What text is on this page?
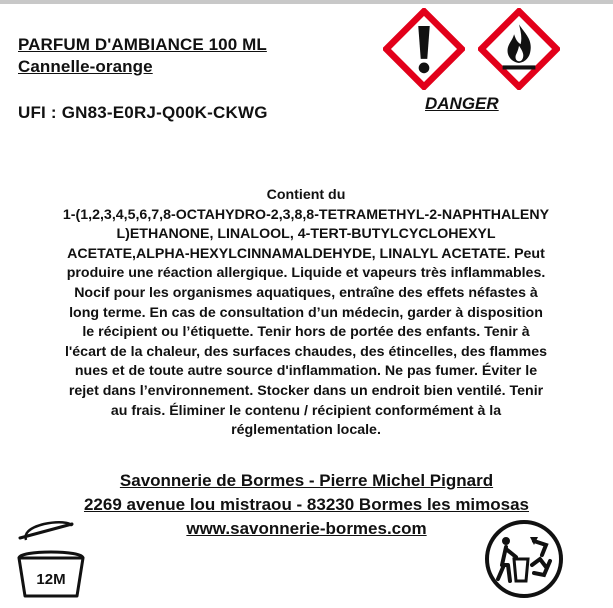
PARFUM D'AMBIANCE 100 ML
Cannelle-orange
UFI : GN83-E0RJ-Q00K-CKWG	DANGER
Contient du
1-(1,2,3,4,5,6,7,8-OCTAHYDRO-2,3,8,8-TETRAMETHYL-2-NAPHTHALENY
L)ETHANONE, LINALOOL, 4-TERT-BUTYLCYCLOHEXYL
ACETATE,ALPHA-HEXYLCINNAMALDEHYDE, LINALYL ACETATE. Peut
produire une réaction allergique. Liquide et vapeurs très inflammables.
Nocif pour les organismes aquatiques, entraîne des effets néfastes à
long terme. En cas de consultation d’un médecin, garder à disposition
le récipient ou l’étiquette. Tenir hors de portée des enfants. Tenir à
l'écart de la chaleur, des surfaces chaudes, des étincelles, des flammes
nues et de toute autre source d'inflammation. Ne pas fumer. Éviter le
rejet dans l’environnement. Stocker dans un endroit bien ventilé. Tenir
au frais. Éliminer le contenu / récipient conformément à la
réglementation locale.
Savonnerie de Bormes - Pierre Michel Pignard
2269 avenue lou mistraou - 83230 Bormes les mimosas
www.savonnerie-bormes.com
12M
